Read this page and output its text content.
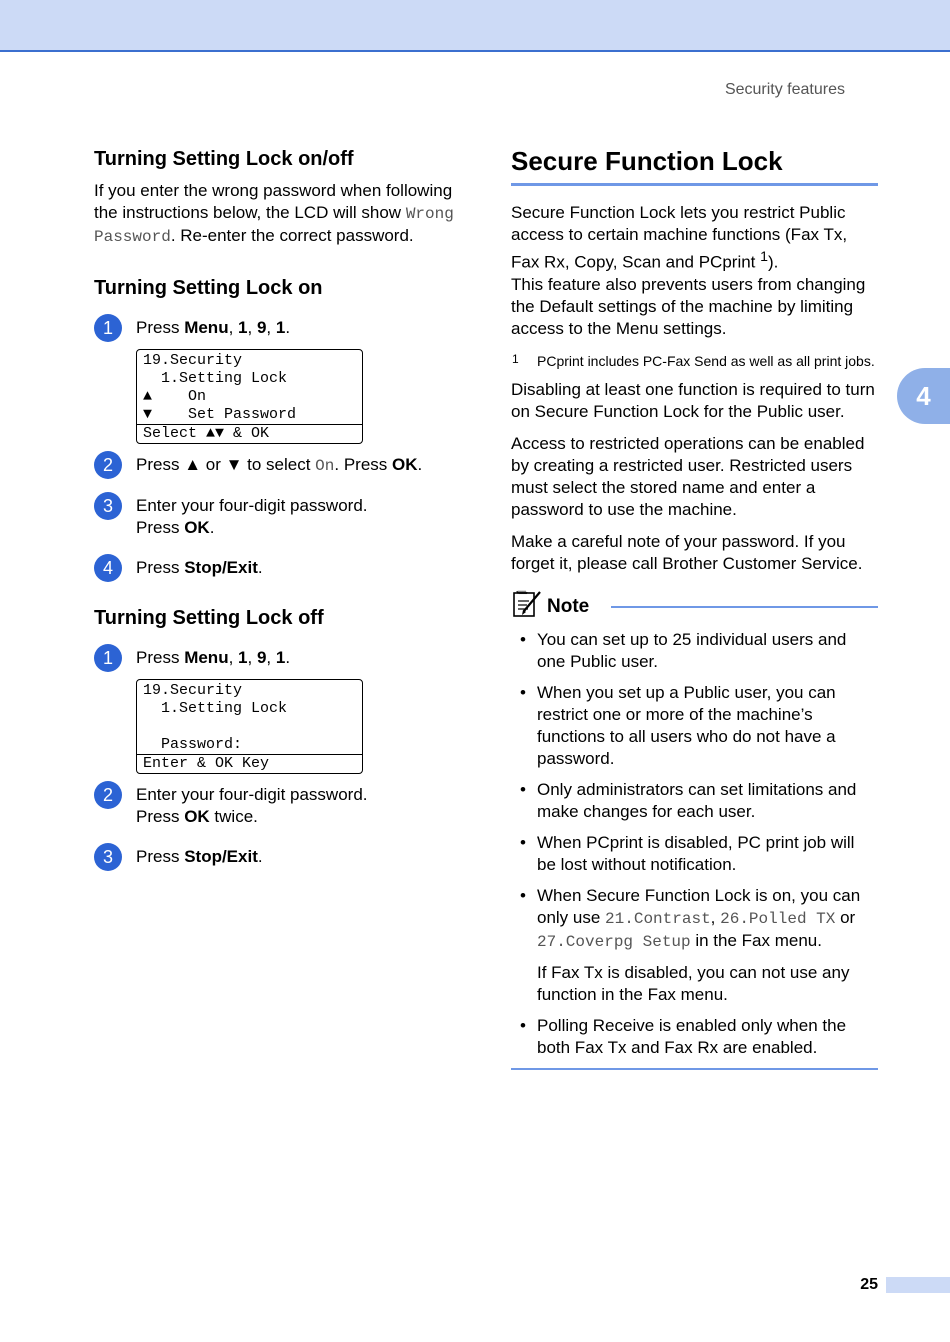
Security features
4
Turning Setting Lock on/off

If you enter the wrong password when following the instructions below, the LCD will show Wrong Password. Re-enter the correct password.

Turning Setting Lock on
1	Press Menu, 1, 9, 1.
19.Security
1.Setting Lock
▲    On
▼    Set Password
Select ▲▼ & OK
2	Press ▲ or ▼ to select On. Press OK.
3	Enter your four-digit password.
Press OK.
4	Press Stop/Exit.
Turning Setting Lock off
1	Press Menu, 1, 9, 1.
19.Security
1.Setting Lock
Password:
Enter & OK Key
2	Enter your four-digit password.
Press OK twice.
3	Press Stop/Exit.
Secure Function Lock

Secure Function Lock lets you restrict Public access to certain machine functions (Fax Tx, Fax Rx, Copy, Scan and PCprint $^1$).

This feature also prevents users from changing the Default settings of the machine by limiting access to the Menu settings.

1 PCprint includes PC-Fax Send as well as all print jobs.

Disabling at least one function is required to turn on Secure Function Lock for the Public user.

Access to restricted operations can be enabled by creating a restricted user. Restricted users must select the stored name and enter a password to use the machine.

Make a careful note of your password. If you forget it, please call Brother Customer Service.

Note
• You can set up to 25 individual users and one Public user.
• When you set up a Public user, you can restrict one or more of the machine’s functions to all users who do not have a password.
• Only administrators can set limitations and make changes for each user.
• When PCprint is disabled, PC print job will be lost without notification.
• When Secure Function Lock is on, you can only use 21.Contrast, 26.Polled TX or 27.Coverpg Setup in the Fax menu.
If Fax Tx is disabled, you can not use any function in the Fax menu.
• Polling Receive is enabled only when the both Fax Tx and Fax Rx are enabled.
25
